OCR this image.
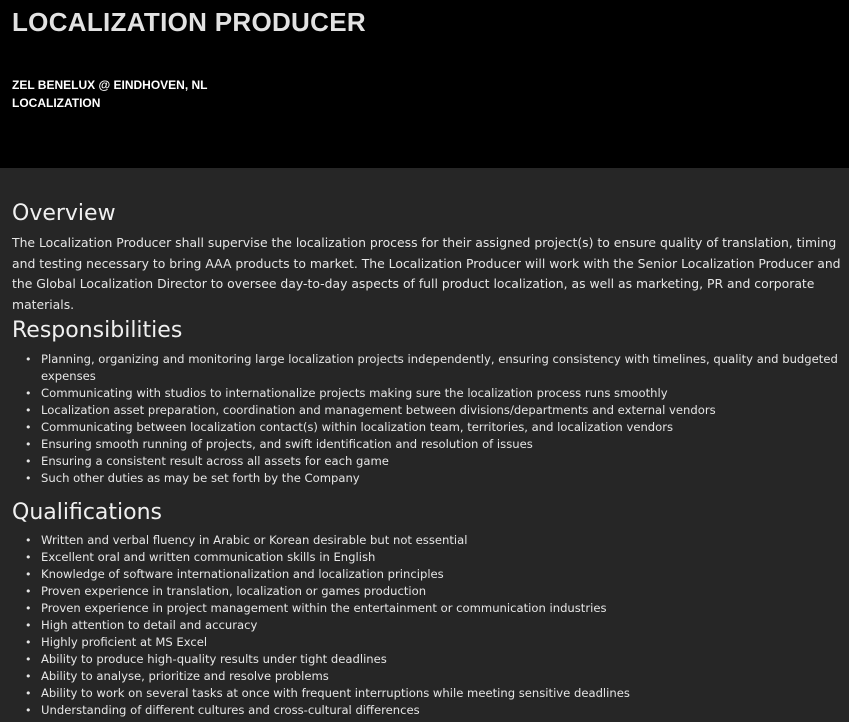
LOCALIZATION PRODUCER

ZEL BENELUX @ EINDHOVEN, NL

LOCALIZATION

Overview

The Localization Producer shall supervise the localization process for their assigned project(s) to ensure quality of translation, timing and testing necessary to bring AAA products to market. The Localization Producer will work with the Senior Localization Producer and the Global Localization Director to oversee day-to-day aspects of full product localization, as well as marketing, PR and corporate materials.

Responsibilities
• Planning, organizing and monitoring large localization projects independently, ensuring consistency with timelines, quality and budgeted expenses
• Communicating with studios to internationalize projects making sure the localization process runs smoothly
• Localization asset preparation, coordination and management between divisions/departments and external vendors
• Communicating between localization contact(s) within localization team, territories, and localization vendors
• Ensuring smooth running of projects, and swift identification and resolution of issues
• Ensuring a consistent result across all assets for each game
• Such other duties as may be set forth by the Company
Qualifications
• Written and verbal fluency in Arabic or Korean desirable but not essential
• Excellent oral and written communication skills in English
• Knowledge of software internationalization and localization principles
• Proven experience in translation, localization or games production
• Proven experience in project management within the entertainment or communication industries
• High attention to detail and accuracy
• Highly proficient at MS Excel
• Ability to produce high-quality results under tight deadlines
• Ability to analyse, prioritize and resolve problems
• Ability to work on several tasks at once with frequent interruptions while meeting sensitive deadlines
• Understanding of different cultures and cross-cultural differences
